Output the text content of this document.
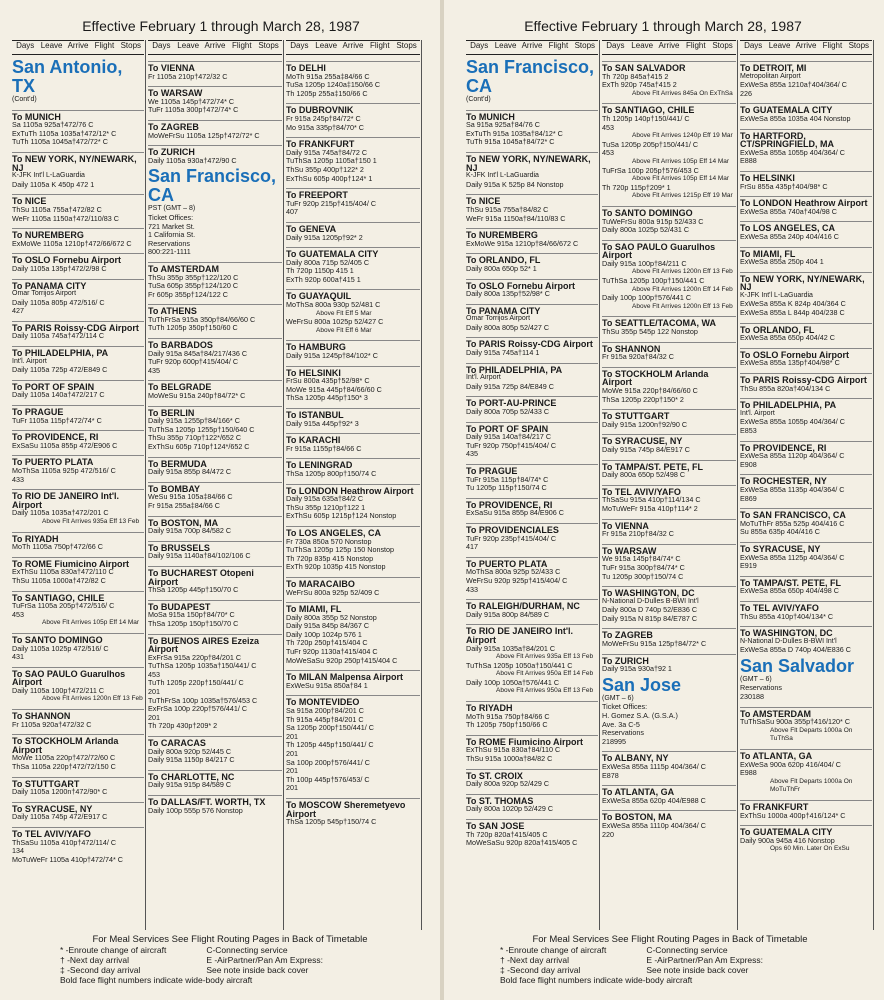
Effective February 1 through March 28, 1987	Effective February 1 through March 28, 1987
Days Leave Arrive Flight Stops
San Antonio, TX
(Cont'd)
To MUNICH
Sa 1105a 925a†472/76 C
ExTuTh 1105a 1035a†472/12* C
TuTh 1105a 1045a†472/72* C
To NEW YORK, NY/NEWARK, NJ
K-JFK Int'l L-LaGuardia
Daily 1105a K 450p 472 1
To NICE
ThSu 1105a 755a†472/82 C
WeFr 1105a 1150a†472/110/83 C
To NUREMBERG
ExMoWe 1105a 1210p†472/66/672 C
To OSLO Fornebu Airport
Daily 1105a 135p†472/2/98 C
To PANAMA CITY
Omar Torrijos Airport
Daily 1105a 805p 472/516/ C
427
To PARIS Roissy-CDG Airport
Daily 1105a 745a†472/114 C
To PHILADELPHIA, PA
Int'l. Airport
Daily 1105a 725p 472/E849 C
To PORT OF SPAIN
Daily 1105a 140a†472/217 C
To PRAGUE
TuFr 1105a 115p†472/74* C
To PROVIDENCE, RI
ExSaSu 1105a 855p 472/E906 C
To PUERTO PLATA
MoThSa 1105a 925p 472/516/ C
433
To RIO DE JANEIRO Int'l. Airport
Daily 1105a 1035a†472/201 C
Above Flt Arrives 935a Eff 13 Feb
To RIYADH
MoTh 1105a 750p†472/66 C
To ROME Fiumicino Airport
ExThSu 1105a 830a†472/110 C
ThSu 1105a 1000a†472/82 C
To SANTIAGO, CHILE
TuFrSa 1105a 205p†472/516/ C
453
Above Flt Arrives 105p Eff 14 Mar
To SANTO DOMINGO
Daily 1105a 1025p 472/516/ C
431
To SAO PAULO Guarulhos Airport
Daily 1105a 100p†472/211 C
Above Flt Arrives 1200n Eff 13 Feb
To SHANNON
Fr 1105a 920a†472/32 C
To STOCKHOLM Arlanda Airport
MoWe 1105a 220p†472/72/60 C
ThSa 1105a 220p†472/72/150 C
To STUTTGART
Daily 1105a 1200n†472/90* C
To SYRACUSE, NY
Daily 1105a 745p 472/E917 C
To TEL AVIV/YAFO
ThSaSu 1105a 410p†472/114/ C
134
MoTuWeFr 1105a 410p†472/74* C
Days Leave Arrive Flight Stops
To VIENNA
Fr 1105a 210p†472/32 C
To WARSAW
We 1105a 145p†472/74* C
TuFr 1105a 300p†472/74* C
To ZAGREB
MoWeFrSu 1105a 125p†472/72* C
To ZURICH
Daily 1105a 930a†472/90 C
San Francisco, CA
PST (GMT – 8)
Ticket Offices:
721 Market St.
1 California St.
Reservations
800:221-1111
To AMSTERDAM
ThSu 355p 355p†122/120 C
TuSa 605p 355p†124/120 C
Fr 605p 355p†124/122 C
To ATHENS
TuThFrSa 915a 350p†84/66/60 C
TuTh 1205p 350p†150/60 C
To BARBADOS
Daily 915a 845a†84/217/436 C
TuFr 920p 600p†415/404/ C
435
To BELGRADE
MoWeSu 915a 240p†84/72* C
To BERLIN
Daily 915a 1255p†84/166* C
TuThSa 1205p 1255p†150/640 C
ThSu 355p 710p†122*/652 C
ExThSu 605p 710p†124*/652 C
To BERMUDA
Daily 915a 855p 84/472 C
To BOMBAY
WeSu 915a 105a‡84/66 C
Fr 915a 255a‡84/66 C
To BOSTON, MA
Daily 915a 700p 84/582 C
To BRUSSELS
Daily 915a 1140a†84/102/106 C
To BUCHAREST Otopeni Airport
ThSa 1205p 445p†150/70 C
To BUDAPEST
MoSa 915a 150p†84/70* C
ThSa 1205p 150p†150/70 C
To BUENOS AIRES Ezeiza Airport
ExFrSa 915a 220p†84/201 C
TuThSa 1205p 1035a†150/441/ C
453
TuTh 1205p 220p†150/441/ C
201
TuThFrSa 100p 1035a†576/453 C
ExFrSa 100p 220p†576/441/ C
201
Th 720p 430p†209* 2
To CARACAS
Daily 800a 920p 52/445 C
Daily 915a 1150p 84/217 C
To CHARLOTTE, NC
Daily 915a 915p 84/589 C
To DALLAS/FT. WORTH, TX
Daily 100p 555p 576 Nonstop
Days Leave Arrive Flight Stops
To DELHI
MoTh 915a 255a‡84/66 C
TuSa 1205p 1240a‡150/66 C
Th 1205p 255a‡150/66 C
To DUBROVNIK
Fr 915a 245p†84/72* C
Mo 915a 335p†84/70* C
To FRANKFURT
Daily 915a 745a†84/72 C
TuThSa 1205p 1105a†150 1
ThSu 355p 400p†122* 2
ExThSu 605p 400p†124* 1
To FREEPORT
TuFr 920p 215p†415/404/ C
407
To GENEVA
Daily 915a 1205p†92* 2
To GUATEMALA CITY
Daily 800a 715p 52/405 C
Th 720p 1150p 415 1
ExTh 920p 600a†415 1
To GUAYAQUIL
MoThSa 800a 930p 52/481 C
Above Flt Eff 5 Mar
WeFrSu 800a 1025p 52/427 C
Above Flt Eff 6 Mar
To HAMBURG
Daily 915a 1245p†84/102* C
To HELSINKI
FrSu 800a 435p†52/98* C
MoWe 915a 445p†84/66/60 C
ThSa 1205p 445p†150* 3
To ISTANBUL
Daily 915a 445p†92* 3
To KARACHI
Fr 915a 1155p†84/66 C
To LENINGRAD
ThSa 1205p 800p†150/74 C
To LONDON Heathrow Airport
Daily 915a 635a†84/2 C
ThSu 355p 1210p†122 1
ExThSu 605p 1215p†124 Nonstop
To LOS ANGELES, CA
Fr 730a 850a 570 Nonstop
TuThSa 1205p 125p 150 Nonstop
Th 720p 835p 415 Nonstop
ExTh 920p 1035p 415 Nonstop
To MARACAIBO
WeFrSu 800a 925p 52/409 C
To MIAMI, FL
Daily 800a 355p 52 Nonstop
Daily 915a 845p 84/367 C
Daily 100p 1024p 576 1
Th 720p 250p†415/404 C
TuFr 920p 1130a†415/404 C
MoWeSaSu 920p 250p†415/404 C
To MILAN Malpensa Airport
ExWeSu 915a 850a†84 1
To MONTEVIDEO
Sa 915a 200p†84/201 C
Th 915a 445p†84/201 C
Sa 1205p 200p†150/441/ C
201
Th 1205p 445p†150/441/ C
201
Sa 100p 200p†576/441/ C
201
Th 100p 445p†576/453/ C
201
To MOSCOW Sheremetyevo Airport
ThSa 1205p 545p†150/74 C
Days Leave Arrive Flight Stops
San Francisco, CA
(Cont'd)
To MUNICH
Sa 915a 925a†84/76 C
ExTuTh 915a 1035a†84/12* C
TuTh 915a 1045a†84/72* C
To NEW YORK, NY/NEWARK, NJ
K-JFK Int'l L-LaGuardia
Daily 915a K 525p 84 Nonstop
To NICE
ThSu 915a 755a†84/82 C
WeFr 915a 1150a†84/110/83 C
To NUREMBERG
ExMoWe 915a 1210p†84/66/672 C
To ORLANDO, FL
Daily 800a 650p 52* 1
To OSLO Fornebu Airport
Daily 800a 135p†52/98* C
To PANAMA CITY
Omar Torrijos Airport
Daily 800a 805p 52/427 C
To PARIS Roissy-CDG Airport
Daily 915a 745a†114 1
To PHILADELPHIA, PA
Int'l. Airport
Daily 915a 725p 84/E849 C
To PORT-AU-PRINCE
Daily 800a 705p 52/433 C
To PORT OF SPAIN
Daily 915a 140a†84/217 C
TuFr 920p 750p†415/404/ C
435
To PRAGUE
TuFr 915a 115p†84/74* C
Tu 1205p 115p†150/74 C
To PROVIDENCE, RI
ExSaSu 915a 855p 84/E906 C
To PROVIDENCIALES
TuFr 920p 235p†415/404/ C
417
To PUERTO PLATA
MoThSa 800a 925p 52/433 C
WeFrSu 920p 925p†415/404/ C
433
To RALEIGH/DURHAM, NC
Daily 915a 800p 84/589 C
To RIO DE JANEIRO Int'l. Airport
Daily 915a 1035a†84/201 C
Above Flt Arrives 935a Eff 13 Feb
TuThSa 1205p 1050a†150/441 C
Above Flt Arrives 950a Eff 14 Feb
Daily 100p 1050a†576/441 C
Above Flt Arrives 950a Eff 13 Feb
To RIYADH
MoTh 915a 750p†84/66 C
Th 1205p 750p†150/66 C
To ROME Fiumicino Airport
ExThSu 915a 830a†84/110 C
ThSu 915a 1000a†84/82 C
To ST. CROIX
Daily 800a 920p 52/429 C
To ST. THOMAS
Daily 800a 1020p 52/429 C
To SAN JOSE
Th 720p 820a†415/405 C
MoWeSaSu 920p 820a†415/405 C
Days Leave Arrive Flight Stops
To SAN SALVADOR
Th 720p 845a†415 2
ExTh 920p 745a†415 2
Above Flt Arrives 845a On ExThSa
To SANTIAGO, CHILE
Th 1205p 140p†150/441/ C
453
Above Flt Arrives 1240p Eff 19 Mar
TuSa 1205p 205p†150/441/ C
453
Above Flt Arrives 105p Eff 14 Mar
TuFrSa 100p 205p†576/453 C
Above Flt Arrives 105p Eff 14 Mar
Th 720p 115p†209* 1
Above Flt Arrives 1215p Eff 19 Mar
To SANTO DOMINGO
TuWeFrSu 800a 915p 52/433 C
Daily 800a 1025p 52/431 C
To SAO PAULO Guarulhos Airport
Daily 915a 100p†84/211 C
Above Flt Arrives 1200n Eff 13 Feb
TuThSa 1205p 100p†150/441 C
Above Flt Arrives 1200n Eff 14 Feb
Daily 100p 100p†576/441 C
Above Flt Arrives 1200n Eff 13 Feb
To SEATTLE/TACOMA, WA
ThSu 355p 545p 122 Nonstop
To SHANNON
Fr 915a 920a†84/32 C
To STOCKHOLM Arlanda Airport
MoWe 915a 220p†84/66/60 C
ThSa 1205p 220p†150* 2
To STUTTGART
Daily 915a 1200n†92/90 C
To SYRACUSE, NY
Daily 915a 745p 84/E917 C
To TAMPA/ST. PETE, FL
Daily 800a 650p 52/498 C
To TEL AVIV/YAFO
ThSaSu 915a 410p†114/134 C
MoTuWeFr 915a 410p†114* 2
To VIENNA
Fr 915a 210p†84/32 C
To WARSAW
We 915a 145p†84/74* C
TuFr 915a 300p†84/74* C
Tu 1205p 300p†150/74 C
To WASHINGTON, DC
N-National D-Dulles B-BWI Int'l
Daily 800a D 740p 52/E836 C
Daily 915a N 815p 84/E787 C
To ZAGREB
MoWeFrSu 915a 125p†84/72* C
To ZURICH
Daily 915a 930a†92 1
San Jose
(GMT – 6)
Ticket Offices:
H. Gomez S.A. (G.S.A.)
Ave. 3a C-5
Reservations
218995
To ALBANY, NY
ExWeSa 855a 1115p 404/364/ C
E878
To ATLANTA, GA
ExWeSa 855a 620p 404/E988 C
To BOSTON, MA
ExWeSa 855a 1110p 404/364/ C
220
Days Leave Arrive Flight Stops
To DETROIT, MI
Metropolitan Airport
ExWeSa 855a 1210a†404/364/ C
226
To GUATEMALA CITY
ExWeSa 855a 1035a 404 Nonstop
To HARTFORD, CT/SPRINGFIELD, MA
ExWeSa 855a 1055p 404/364/ C
E888
To HELSINKI
FrSu 855a 435p†404/98* C
To LONDON Heathrow Airport
ExWeSa 855a 740a†404/98 C
To LOS ANGELES, CA
ExWeSa 855a 240p 404/416 C
To MIAMI, FL
ExWeSa 855a 250p 404 1
To NEW YORK, NY/NEWARK, NJ
K-JFK Int'l L-LaGuardia
ExWeSa 855a K 824p 404/364 C
ExWeSa 855a L 844p 404/238 C
To ORLANDO, FL
ExWeSa 855a 650p 404/42 C
To OSLO Fornebu Airport
ExWeSa 855a 135p†404/98* C
To PARIS Roissy-CDG Airport
ThSu 855a 820a†404/134 C
To PHILADELPHIA, PA
Int'l. Airport
ExWeSa 855a 1055p 404/364/ C
E853
To PROVIDENCE, RI
ExWeSa 855a 1120p 404/364/ C
E908
To ROCHESTER, NY
ExWeSa 855a 1135p 404/364/ C
E869
To SAN FRANCISCO, CA
MoTuThFr 855a 525p 404/416 C
Su 855a 635p 404/416 C
To SYRACUSE, NY
ExWeSa 855a 1125p 404/364/ C
E919
To TAMPA/ST. PETE, FL
ExWeSa 855a 650p 404/498 C
To TEL AVIV/YAFO
ThSu 855a 410p†404/134* C
To WASHINGTON, DC
N-National D-Dulles B-BWI Int'l
ExWeSa 855a D 740p 404/E836 C
San Salvador
(GMT – 6)
Reservations
230188
To AMSTERDAM
TuThSaSu 900a 355p†416/120* C
Above Flt Departs 1000a On TuThSa
To ATLANTA, GA
ExWeSa 900a 620p 416/404/ C
E988
Above Flt Departs 1000a On MoTuThFr
To FRANKFURT
ExThSu 1000a 400p†416/124* C
To GUATEMALA CITY
Daily 900a 945a 416 Nonstop
Ops 60 Min. Later On ExSu
For Meal Services See Flight Routing Pages in Back of Timetable
* -Enroute change of aircraft
† -Next day arrival
‡ -Second day arrival
C-Connecting service
E -AirPartner/Pan Am Express:
See note inside back cover
Bold face flight numbers indicate wide-body aircraft
For Meal Services See Flight Routing Pages in Back of Timetable
* -Enroute change of aircraft
† -Next day arrival
‡ -Second day arrival
C-Connecting service
E -AirPartner/Pan Am Express:
See note inside back cover
Bold face flight numbers indicate wide-body aircraft
